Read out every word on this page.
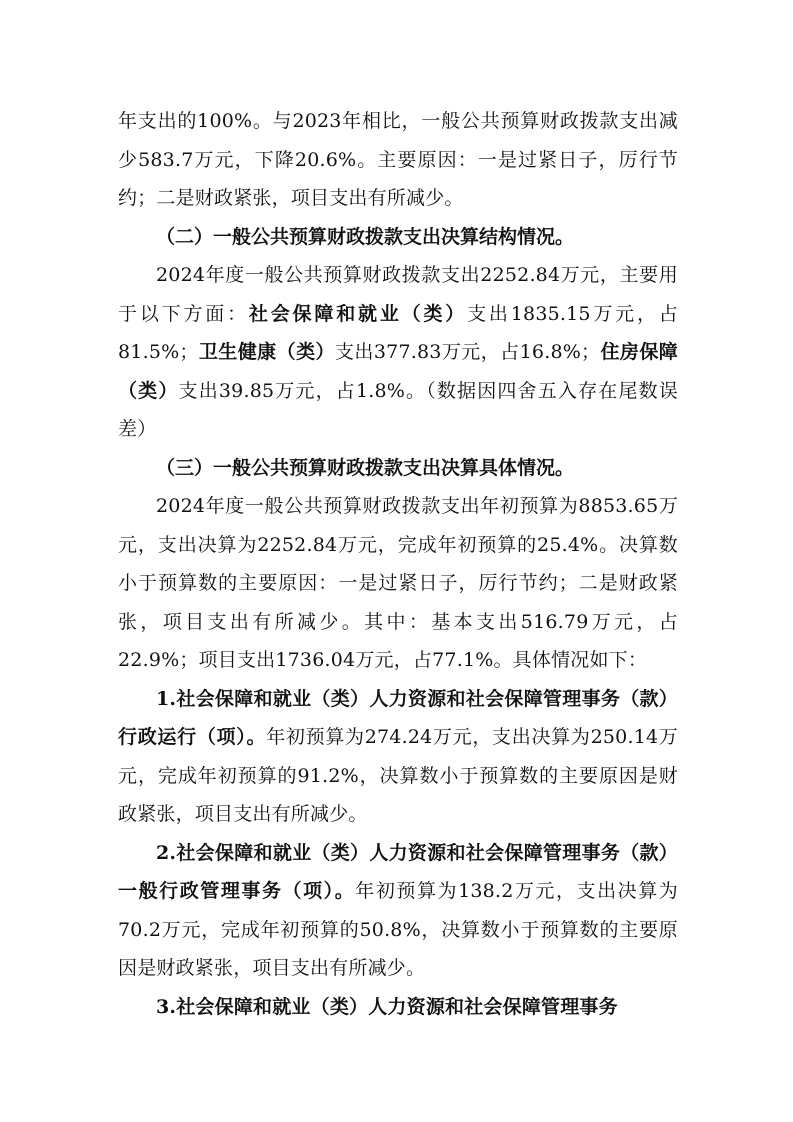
年支出的100%。与2023年相比，一般公共预算财政拨款支出减少583.7万元，下降20.6%。主要原因：一是过紧日子，厉行节约；二是财政紧张，项目支出有所减少。

（二）一般公共预算财政拨款支出决算结构情况。

2024年度一般公共预算财政拨款支出2252.84万元，主要用于以下方面：社会保障和就业（类）支出1835.15万元，占81.5%；卫生健康（类）支出377.83万元，占16.8%；住房保障（类）支出39.85万元，占1.8%。（数据因四舍五入存在尾数误差）

（三）一般公共预算财政拨款支出决算具体情况。

2024年度一般公共预算财政拨款支出年初预算为8853.65万元，支出决算为2252.84万元，完成年初预算的25.4%。决算数小于预算数的主要原因：一是过紧日子，厉行节约；二是财政紧张，项目支出有所减少。其中：基本支出516.79万元，占22.9%；项目支出1736.04万元，占77.1%。具体情况如下：

1.社会保障和就业（类）人力资源和社会保障管理事务（款）行政运行（项）。年初预算为274.24万元，支出决算为250.14万元，完成年初预算的91.2%，决算数小于预算数的主要原因是财政紧张，项目支出有所减少。

2.社会保障和就业（类）人力资源和社会保障管理事务（款）一般行政管理事务（项）。年初预算为138.2万元，支出决算为70.2万元，完成年初预算的50.8%，决算数小于预算数的主要原因是财政紧张，项目支出有所减少。

3.社会保障和就业（类）人力资源和社会保障管理事务
